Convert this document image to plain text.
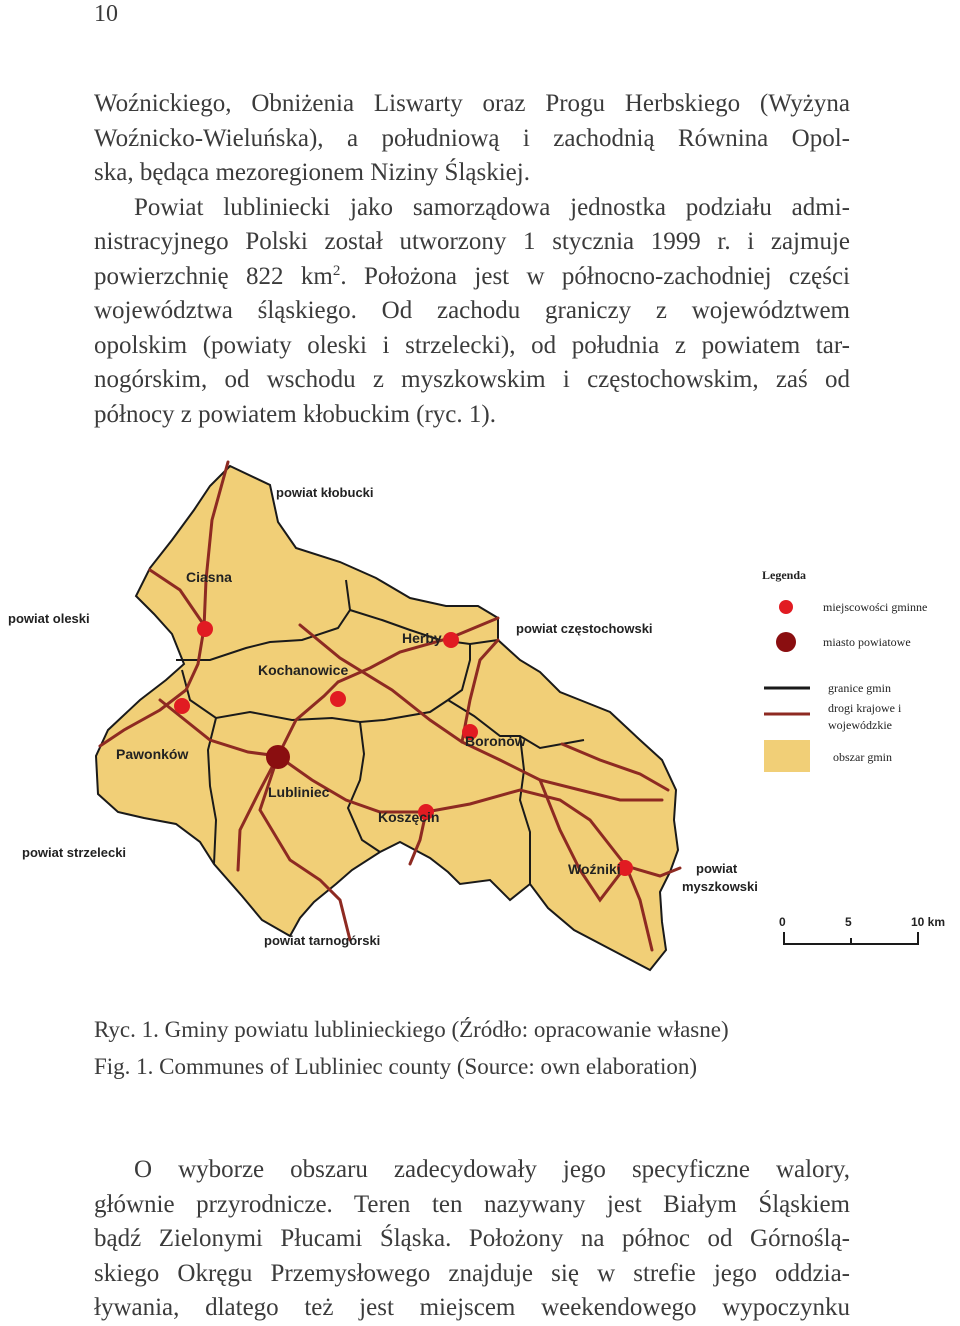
10
Woźnickiego, Obniżenia Liswarty oraz Progu Herbskiego (Wyżyna
Woźnicko-Wieluńska), a południową i zachodnią Równina Opol-
ska, będąca mezoregionem Niziny Śląskiej.
Powiat lubliniecki jako samorządowa jednostka podziału admi-
nistracyjnego Polski został utworzony 1 stycznia 1999 r. i zajmuje
powierzchnię 822 $km^2$. Położona jest w północno-zachodniej części
województwa śląskiego. Od zachodu graniczy z województwem
opolskim (powiaty oleski i strzelecki), od południa z powiatem tar-
nogórskim, od wschodu z myszkowskim i częstochowskim, zaś od
północy z powiatem kłobuckim (ryc. 1).
powiat kłobucki
powiat oleski
powiat częstochowski
powiat strzelecki
powiat tarnogórski
powiat
myszkowski
Ciasna
Herby
Kochanowice
Pawonków
Boronów
Lubliniec
Koszęcin
Woźniki
Legenda
miejscowości gminne
miasto powiatowe
granice gmin
drogi krajowe i
wojewódzkie
obszar gmin
0	5	10 km
Ryc. 1. Gminy powiatu lublinieckiego (Źródło: opracowanie własne)
Fig. 1. Communes of Lubliniec county (Source: own elaboration)
O wyborze obszaru zadecydowały jego specyficzne walory,
głównie przyrodnicze. Teren ten nazywany jest Białym Śląskiem
bądź Zielonymi Płucami Śląska. Położony na północ od Górnoślą-
skiego Okręgu Przemysłowego znajduje się w strefie jego oddzia-
ływania, dlatego też jest miejscem weekendowego wypoczynku
